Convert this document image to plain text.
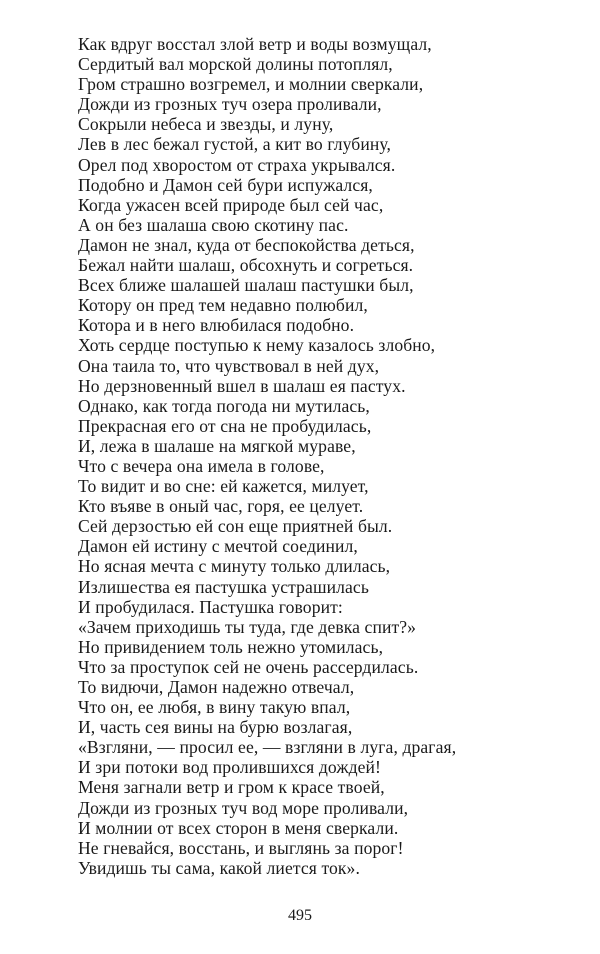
Как вдруг восстал злой ветр и воды возмущал,
Сердитый вал морской долины потоплял,
Гром страшно возгремел, и молнии сверкали,
Дожди из грозных туч озера проливали,
Сокрыли небеса и звезды, и луну,
Лев в лес бежал густой, а кит во глубину,
Орел под хворостом от страха укрывался.
Подобно и Дамон сей бури испужался,
Когда ужасен всей природе был сей час,
А он без шалаша свою скотину пас.
Дамон не знал, куда от беспокойства деться,
Бежал найти шалаш, обсохнуть и согреться.
Всех ближе шалашей шалаш пастушки был,
Котору он пред тем недавно полюбил,
Котора и в него влюбилася подобно.
Хоть сердце поступью к нему казалось злобно,
Она таила то, что чувствовал в ней дух,
Но дерзновенный вшел в шалаш ея пастух.
Однако, как тогда погода ни мутилась,
Прекрасная его от сна не пробудилась,
И, лежа в шалаше на мягкой мураве,
Что с вечера она имела в голове,
То видит и во сне: ей кажется, милует,
Кто въяве в оный час, горя, ее целует.
Сей дерзостью ей сон еще приятней был.
Дамон ей истину с мечтой соединил,
Но ясная мечта с минуту только длилась,
Излишества ея пастушка устрашилась
И пробудилася. Пастушка говорит:
«Зачем приходишь ты туда, где девка спит?»
Но привидением толь нежно утомилась,
Что за проступок сей не очень рассердилась.
То видючи, Дамон надежно отвечал,
Что он, ее любя, в вину такую впал,
И, часть сея вины на бурю возлагая,
«Взгляни, — просил ее, — взгляни в луга, драгая,
И зри потоки вод пролившихся дождей!
Меня загнали ветр и гром к красе твоей,
Дожди из грозных туч вод море проливали,
И молнии от всех сторон в меня сверкали.
Не гневайся, восстань, и выглянь за порог!
Увидишь ты сама, какой лиется ток».
495
